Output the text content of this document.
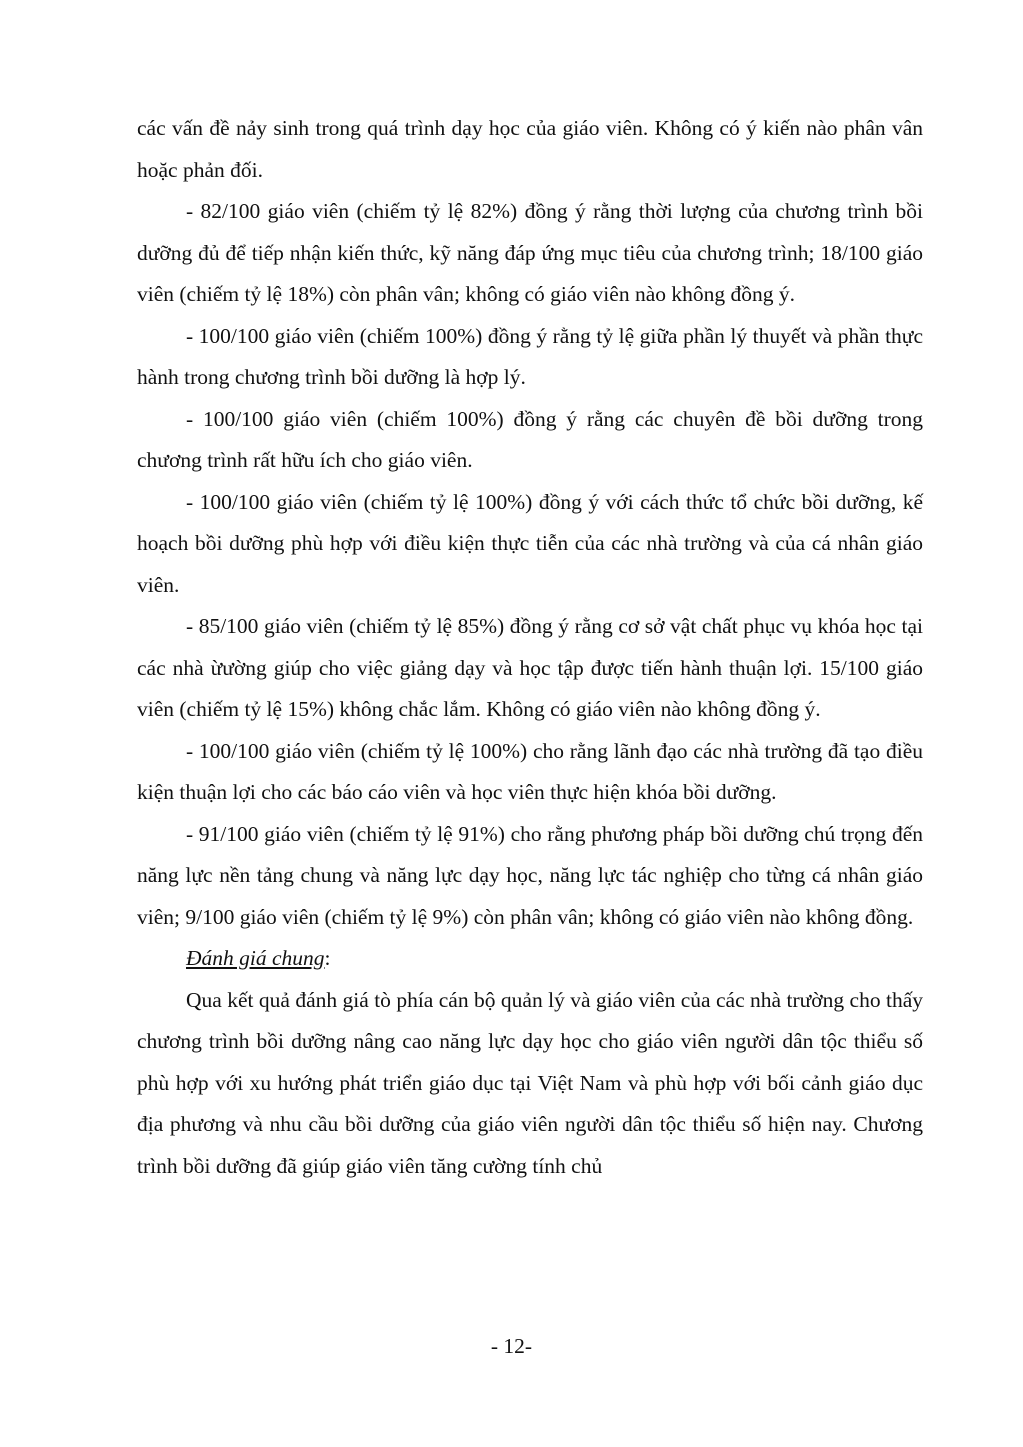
các vấn đề nảy sinh trong quá trình dạy học của giáo viên. Không có ý kiến nào phân vân hoặc phản đối.

- 82/100 giáo viên (chiếm tỷ lệ 82%) đồng ý rằng thời lượng của chương trình bồi dưỡng đủ để tiếp nhận kiến thức, kỹ năng đáp ứng mục tiêu của chương trình; 18/100 giáo viên (chiếm tỷ lệ 18%) còn phân vân; không có giáo viên nào không đồng ý.

- 100/100 giáo viên (chiếm 100%) đồng ý rằng tỷ lệ giữa phần lý thuyết và phần thực hành trong chương trình bồi dưỡng là hợp lý.

- 100/100 giáo viên (chiếm 100%) đồng ý rằng các chuyên đề bồi dưỡng trong chương trình rất hữu ích cho giáo viên.

- 100/100 giáo viên (chiếm tỷ lệ 100%) đồng ý với cách thức tổ chức bồi dưỡng, kế hoạch bồi dưỡng phù hợp với điều kiện thực tiễn của các nhà trường và của cá nhân giáo viên.

- 85/100 giáo viên (chiếm tỷ lệ 85%) đồng ý rằng cơ sở vật chất phục vụ khóa học tại các nhà ừường giúp cho việc giảng dạy và học tập được tiến hành thuận lợi. 15/100 giáo viên (chiếm tỷ lệ 15%) không chắc lắm. Không có giáo viên nào không đồng ý.

- 100/100 giáo viên (chiếm tỷ lệ 100%) cho rằng lãnh đạo các nhà trường đã tạo điều kiện thuận lợi cho các báo cáo viên và học viên thực hiện khóa bồi dưỡng.

- 91/100 giáo viên (chiếm tỷ lệ 91%) cho rằng phương pháp bồi dưỡng chú trọng đến năng lực nền tảng chung và năng lực dạy học, năng lực tác nghiệp cho từng cá nhân giáo viên; 9/100 giáo viên (chiếm tỷ lệ 9%) còn phân vân; không có giáo viên nào không đồng.

Đánh giá chung:

Qua kết quả đánh giá tò phía cán bộ quản lý và giáo viên của các nhà trường cho thấy chương trình bồi dưỡng nâng cao năng lực dạy học cho giáo viên người dân tộc thiểu số phù hợp với xu hướng phát triển giáo dục tại Việt Nam và phù hợp với bối cảnh giáo dục địa phương và nhu cầu bồi dưỡng của giáo viên người dân tộc thiểu số hiện nay. Chương trình bồi dưỡng đã giúp giáo viên tăng cường tính chủ

- 12-
